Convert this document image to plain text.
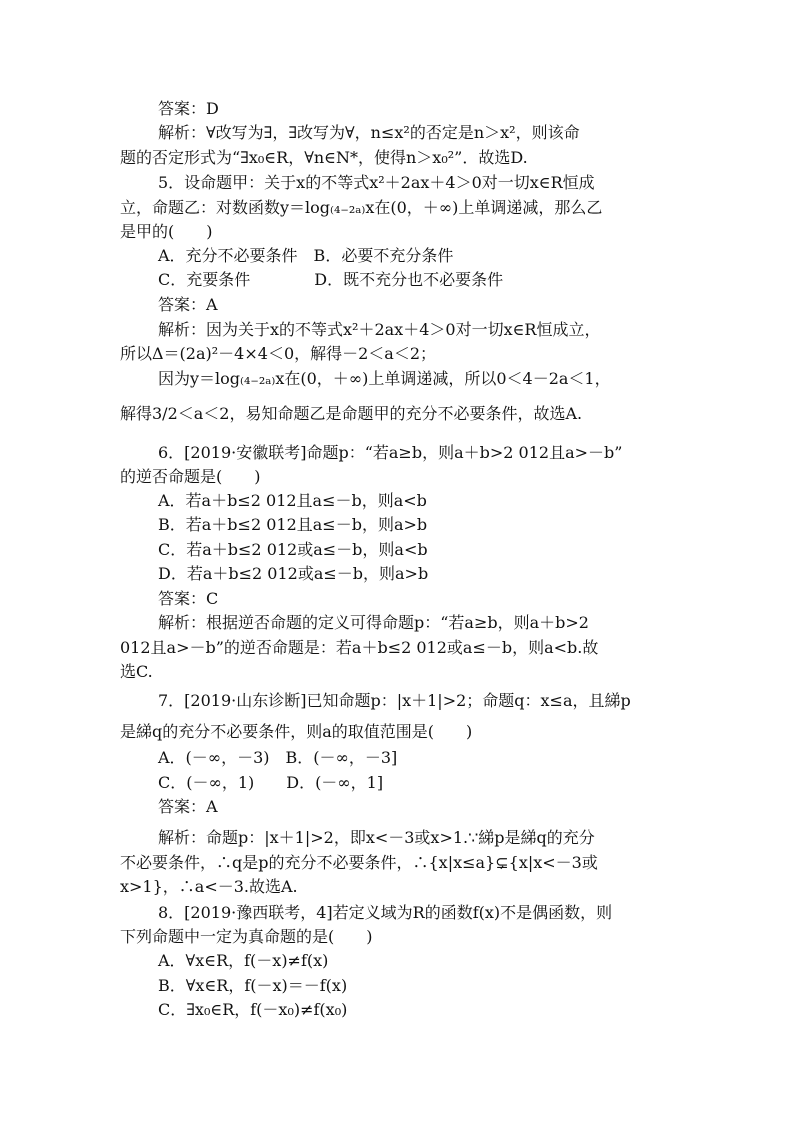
答案：D
解析：∀改写为∃，∃改写为∀，n≤x²的否定是n＞x²，则该命
题的否定形式为“∃x₀∈R，∀n∈N*，使得n＞x₀²”．故选D.
5．设命题甲：关于x的不等式x²＋2ax＋4＞0对一切x∈R恒成
立，命题乙：对数函数y＝log₍₄₋₂ₐ₎x在(0，＋∞)上单调递减，那么乙
是甲的(　　)
A．充分不必要条件　B．必要不充分条件
C．充要条件　　　　D．既不充分也不必要条件
答案：A
解析：因为关于x的不等式x²＋2ax＋4＞0对一切x∈R恒成立，
所以Δ＝(2a)²－4×4＜0，解得－2＜a＜2；
因为y＝log₍₄₋₂ₐ₎x在(0，＋∞)上单调递减，所以0＜4－2a＜1，
解得3/2＜a＜2，易知命题乙是命题甲的充分不必要条件，故选A.
6．[2019·安徽联考]命题p：“若a≥b，则a＋b>2 012且a>－b”
的逆否命题是(　　)
A．若a＋b≤2 012且a≤－b，则a<b
B．若a＋b≤2 012且a≤－b，则a>b
C．若a＋b≤2 012或a≤－b，则a<b
D．若a＋b≤2 012或a≤－b，则a>b
答案：C
解析：根据逆否命题的定义可得命题p：“若a≥b，则a＋b>2
012且a>－b”的逆否命题是：若a＋b≤2 012或a≤－b，则a<b.故
选C.
7．[2019·山东诊断]已知命题p：|x＋1|>2；命题q：x≤a，且綈p
是綈q的充分不必要条件，则a的取值范围是(　　)
A．(－∞，－3)　B．(－∞，－3]
C．(－∞，1)　　D．(－∞，1]
答案：A
解析：命题p：|x＋1|>2，即x<－3或x>1.∵綈p是綈q的充分
不必要条件，∴q是p的充分不必要条件，∴{x|x≤a}⊊{x|x<－3或
x>1}，∴a<－3.故选A.
8．[2019·豫西联考，4]若定义域为R的函数f(x)不是偶函数，则
下列命题中一定为真命题的是(　　)
A．∀x∈R，f(－x)≠f(x)
B．∀x∈R，f(－x)＝－f(x)
C．∃x₀∈R，f(－x₀)≠f(x₀)
